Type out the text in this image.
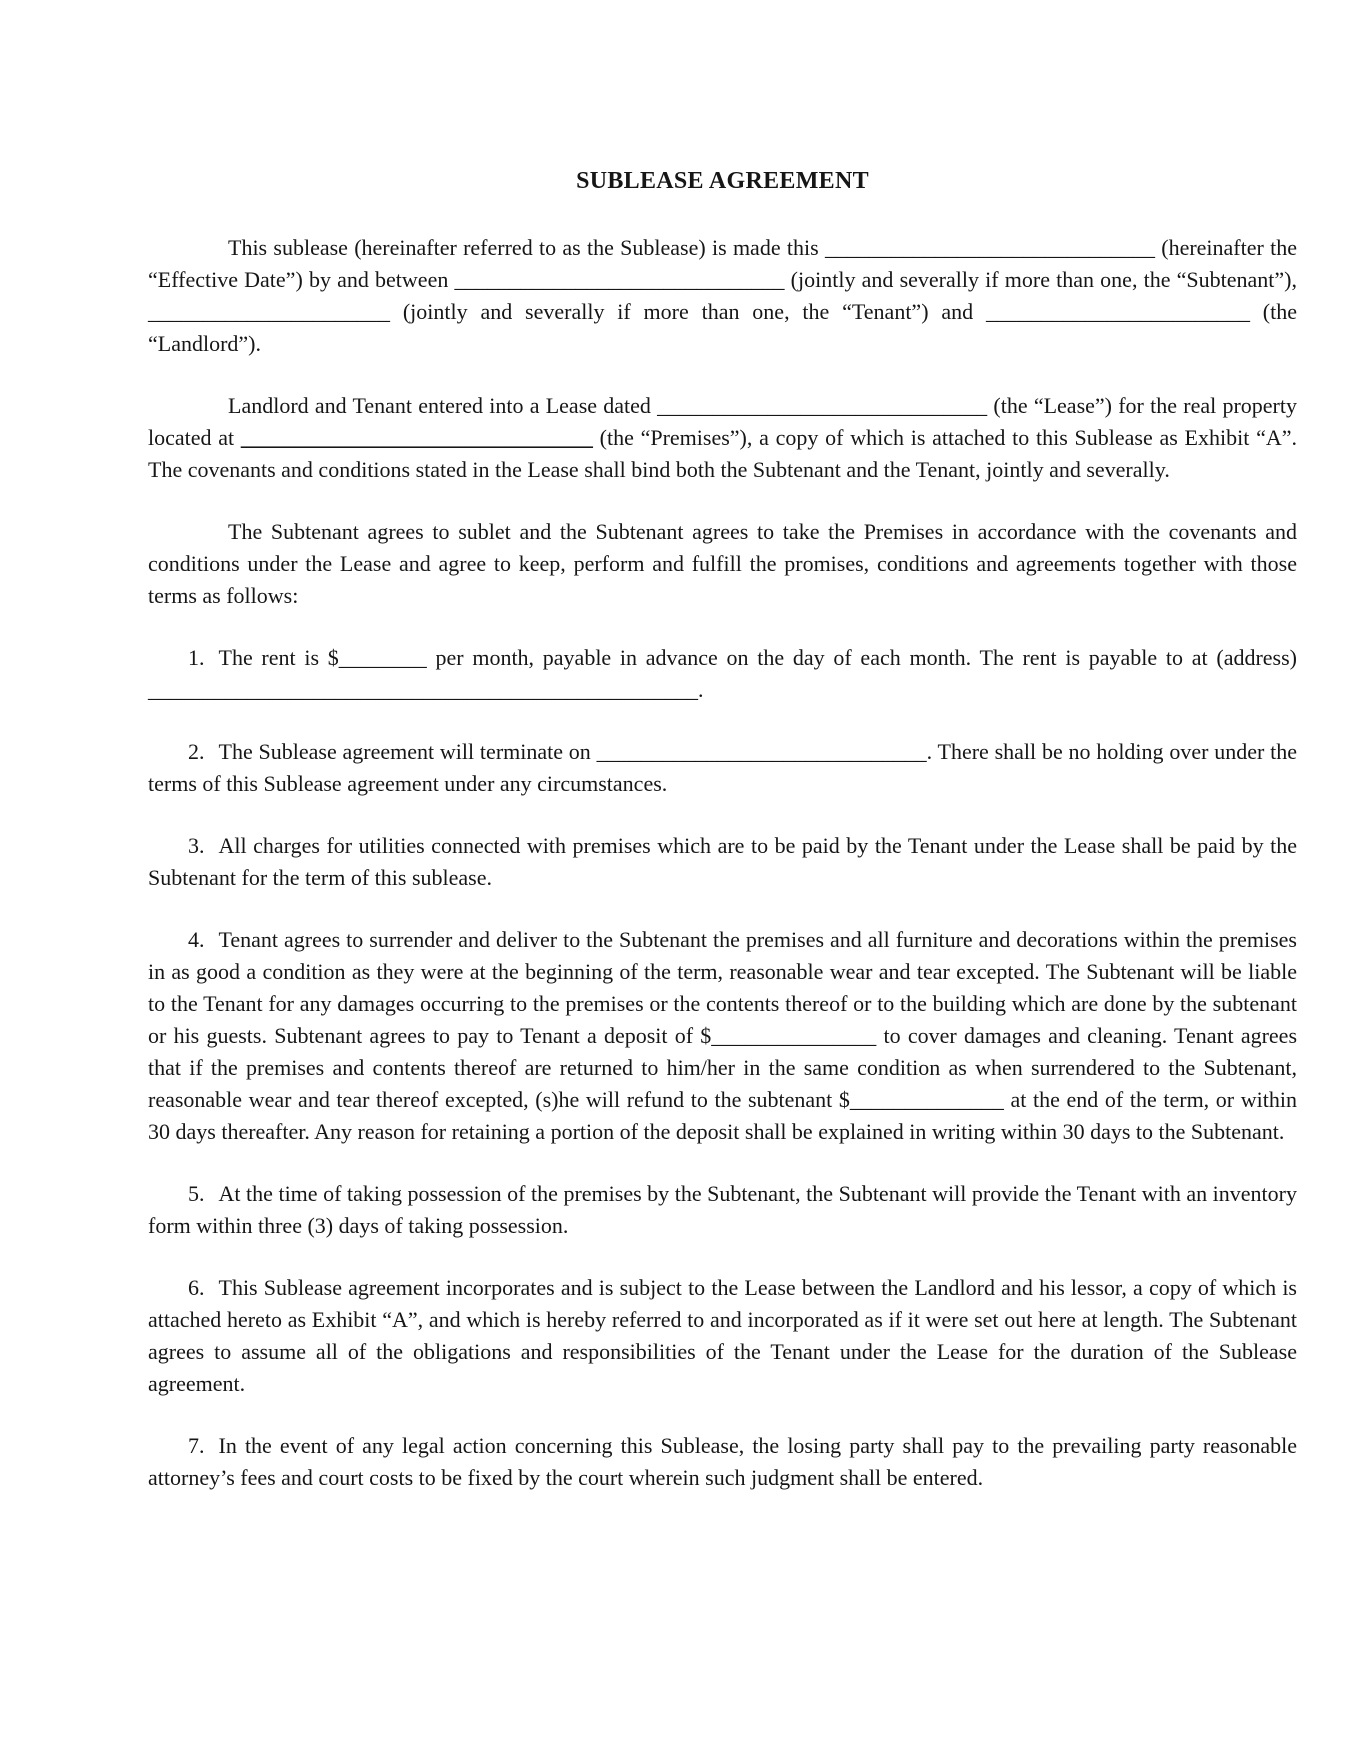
SUBLEASE AGREEMENT

This sublease (hereinafter referred to as the Sublease) is made this ______________________________ (hereinafter the “Effective Date”) by and between ______________________________ (jointly and severally if more than one, the “Subtenant”), ______________________ (jointly and severally if more than one, the “Tenant”) and ________________________ (the “Landlord”).

Landlord and Tenant entered into a Lease dated ______________________________ (the “Lease”) for the real property located at ________________________________ (the “Premises”), a copy of which is attached to this Sublease as Exhibit “A”. The covenants and conditions stated in the Lease shall bind both the Subtenant and the Tenant, jointly and severally.

The Subtenant agrees to sublet and the Subtenant agrees to take the Premises in accordance with the covenants and conditions under the Lease and agree to keep, perform and fulfill the promises, conditions and agreements together with those terms as follows:

1. The rent is $________ per month, payable in advance on the day of each month. The rent is payable to at (address) __________________________________________________.

2. The Sublease agreement will terminate on ______________________________. There shall be no holding over under the terms of this Sublease agreement under any circumstances.

3. All charges for utilities connected with premises which are to be paid by the Tenant under the Lease shall be paid by the Subtenant for the term of this sublease.

4. Tenant agrees to surrender and deliver to the Subtenant the premises and all furniture and decorations within the premises in as good a condition as they were at the beginning of the term, reasonable wear and tear excepted. The Subtenant will be liable to the Tenant for any damages occurring to the premises or the contents thereof or to the building which are done by the subtenant or his guests. Subtenant agrees to pay to Tenant a deposit of $_______________ to cover damages and cleaning. Tenant agrees that if the premises and contents thereof are returned to him/her in the same condition as when surrendered to the Subtenant, reasonable wear and tear thereof excepted, (s)he will refund to the subtenant $______________ at the end of the term, or within 30 days thereafter. Any reason for retaining a portion of the deposit shall be explained in writing within 30 days to the Subtenant.

5. At the time of taking possession of the premises by the Subtenant, the Subtenant will provide the Tenant with an inventory form within three (3) days of taking possession.

6. This Sublease agreement incorporates and is subject to the Lease between the Landlord and his lessor, a copy of which is attached hereto as Exhibit “A”, and which is hereby referred to and incorporated as if it were set out here at length. The Subtenant agrees to assume all of the obligations and responsibilities of the Tenant under the Lease for the duration of the Sublease agreement.

7. In the event of any legal action concerning this Sublease, the losing party shall pay to the prevailing party reasonable attorney’s fees and court costs to be fixed by the court wherein such judgment shall be entered.
